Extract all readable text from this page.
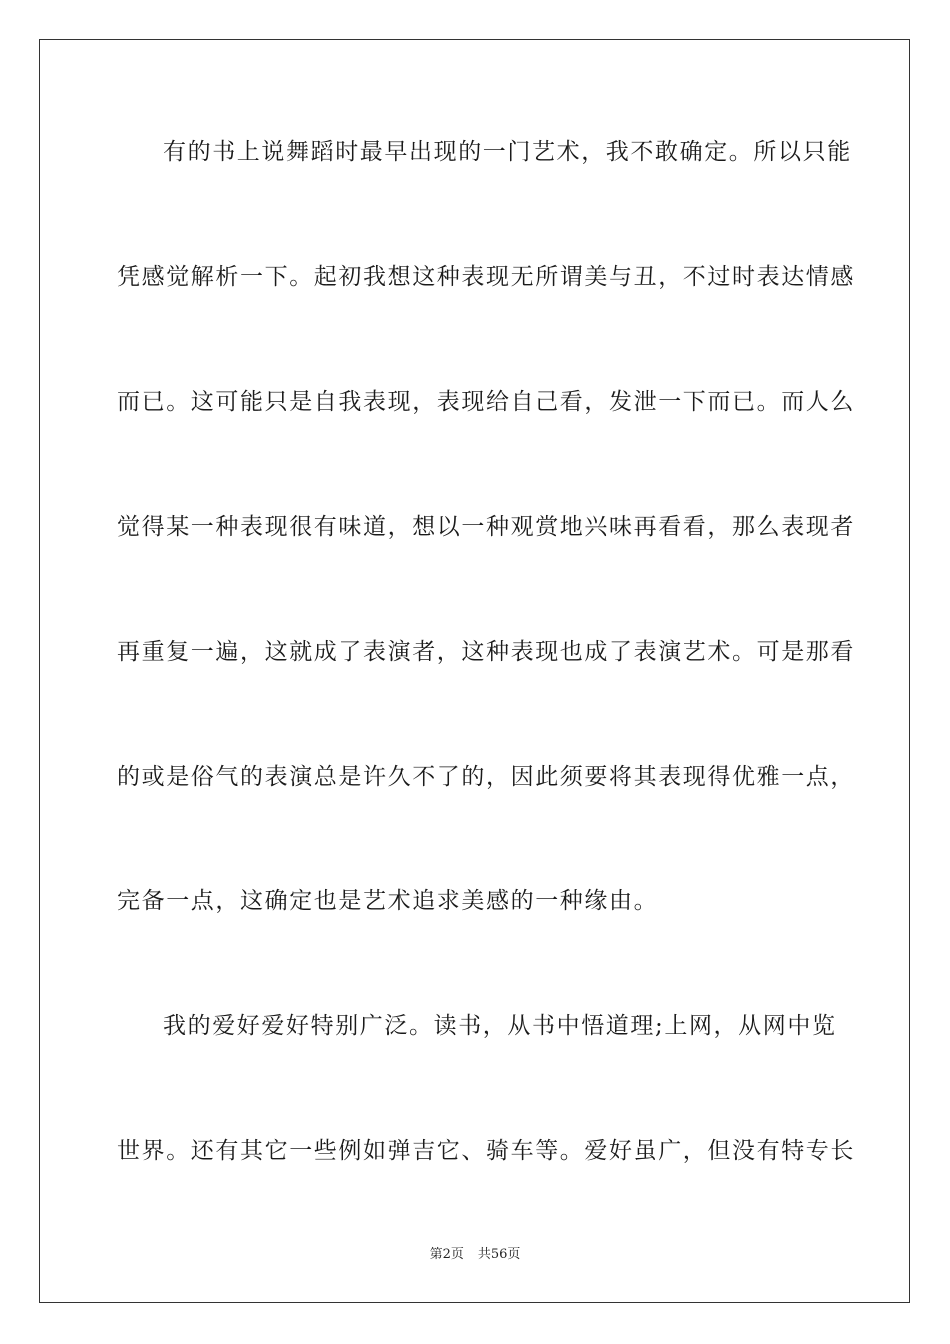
有的书上说舞蹈时最早出现的一门艺术，我不敢确定。所以只能
凭感觉解析一下。起初我想这种表现无所谓美与丑，不过时表达情感
而已。这可能只是自我表现，表现给自己看，发泄一下而已。而人么
觉得某一种表现很有味道，想以一种观赏地兴味再看看，那么表现者
再重复一遍，这就成了表演者，这种表现也成了表演艺术。可是那看
的或是俗气的表演总是许久不了的，因此须要将其表现得优雅一点，
完备一点，这确定也是艺术追求美感的一种缘由。
我的爱好爱好特别广泛。读书，从书中悟道理;上网，从网中览
世界。还有其它一些例如弹吉它、骑车等。爱好虽广，但没有特专长
第2页 共56页
